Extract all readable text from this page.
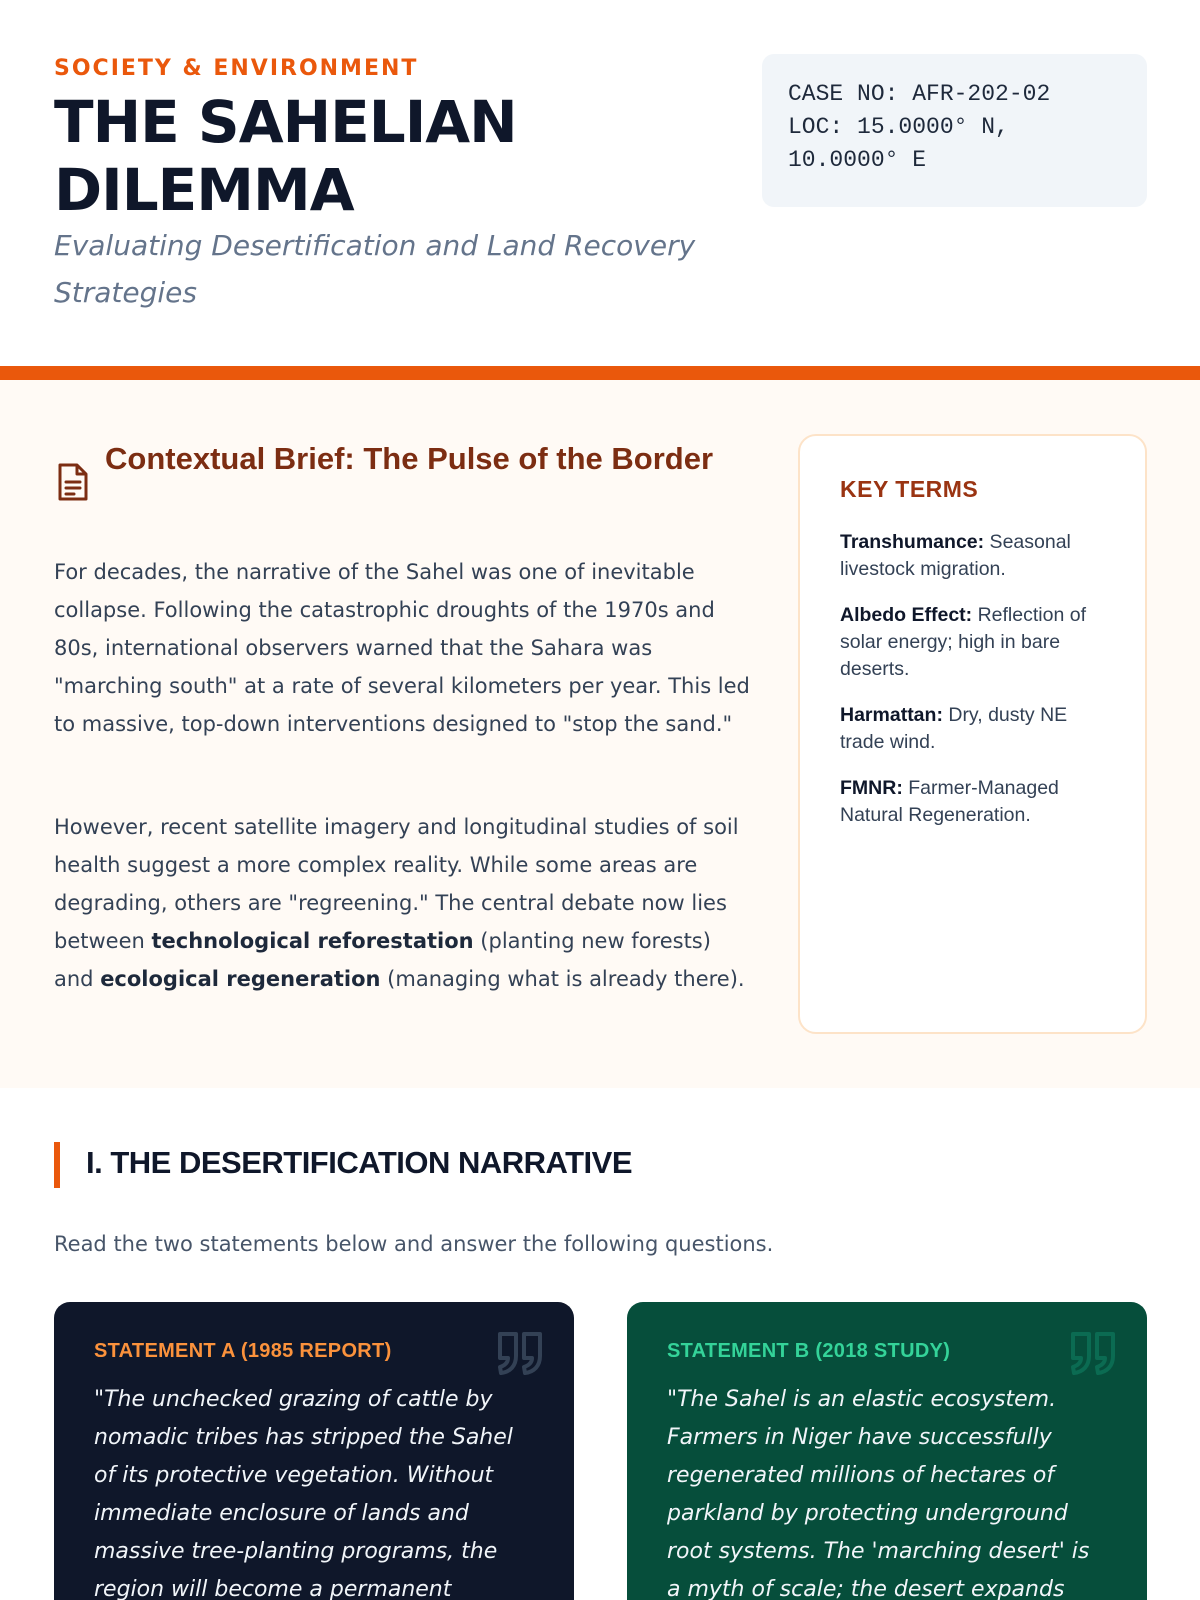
SOCIETY & ENVIRONMENT
THE SAHELIAN DILEMMA
Evaluating Desertification and Land Recovery Strategies
CASE NO: AFR-202-02
LOC: 15.0000° N,
10.0000° E
Contextual Brief: The Pulse of the Border

For decades, the narrative of the Sahel was one of inevitable collapse. Following the catastrophic droughts of the 1970s and 80s, international observers warned that the Sahara was "marching south" at a rate of several kilometers per year. This led to massive, top-down interventions designed to "stop the sand."

However, recent satellite imagery and longitudinal studies of soil health suggest a more complex reality. While some areas are degrading, others are "regreening." The central debate now lies between technological reforestation (planting new forests) and ecological regeneration (managing what is already there).

KEY TERMS
Transhumance: Seasonal livestock migration.
Albedo Effect: Reflection of solar energy; high in bare deserts.
Harmattan: Dry, dusty NE trade wind.
FMNR: Farmer-Managed Natural Regeneration.
I. THE DESERTIFICATION NARRATIVE
Read the two statements below and answer the following questions.
STATEMENT A (1985 REPORT)

"The unchecked grazing of cattle by nomadic tribes has stripped the Sahel of its protective vegetation. Without immediate enclosure of lands and massive tree-planting programs, the region will become a permanent

STATEMENT B (2018 STUDY)

"The Sahel is an elastic ecosystem. Farmers in Niger have successfully regenerated millions of hectares of parkland by protecting underground root systems. The 'marching desert' is a myth of scale; the desert expands
